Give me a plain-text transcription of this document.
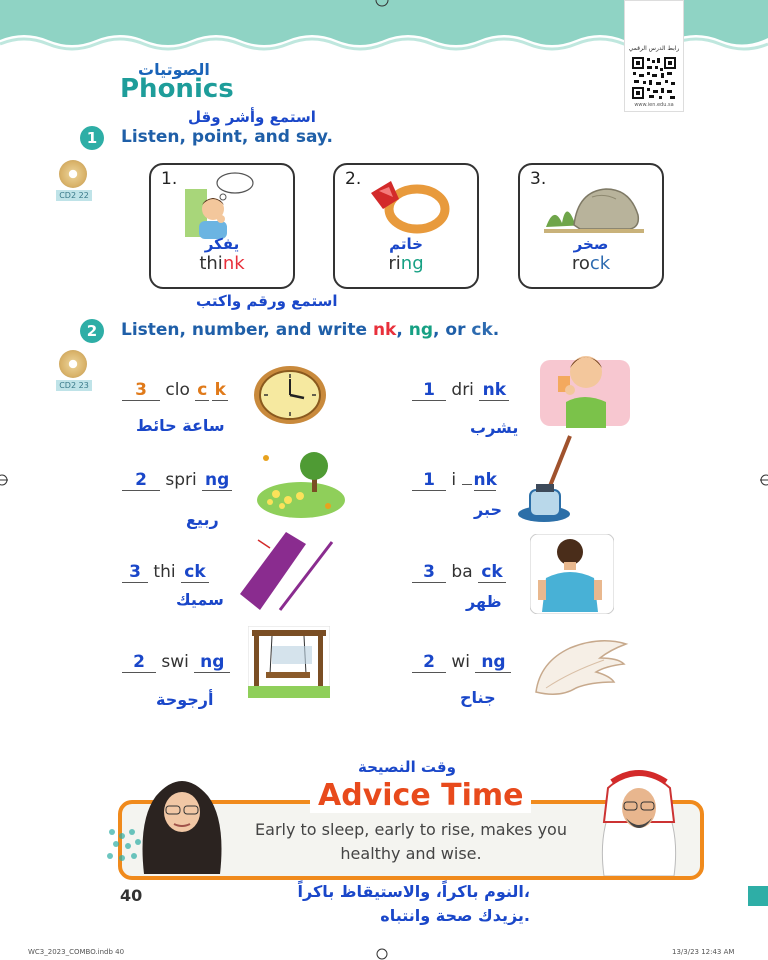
رابط الدرس الرقمي
www.ien.edu.sa
الصوتيات
Phonics
استمع وأشر وقل
1	Listen, point, and say.
CD2 22
1.
يفكر
think
2.
خاتم
ring
3.
صخر
rock
استمع ورقم واكتب
2	Listen, number, and write nk, ng, or ck.
CD2 23	3 clo c k
ساعة حائط
1 dri nk
يشرب
2 spri ng
ربيع
1 i nk
حبر
3 thi ck
سميك
3 ba ck
ظهر
2 swi ng
أرجوحة
2 wi ng
جناح
وقت النصيحة
Early to sleep, early to rise, makes you
healthy and wise.
Advice Time
النوم باكراً، والاستيقاظ باكراً،
يزيدك صحة وانتباه.
40
WC3_2023_COMBO.indb 40	13/3/23 12:43 AM
